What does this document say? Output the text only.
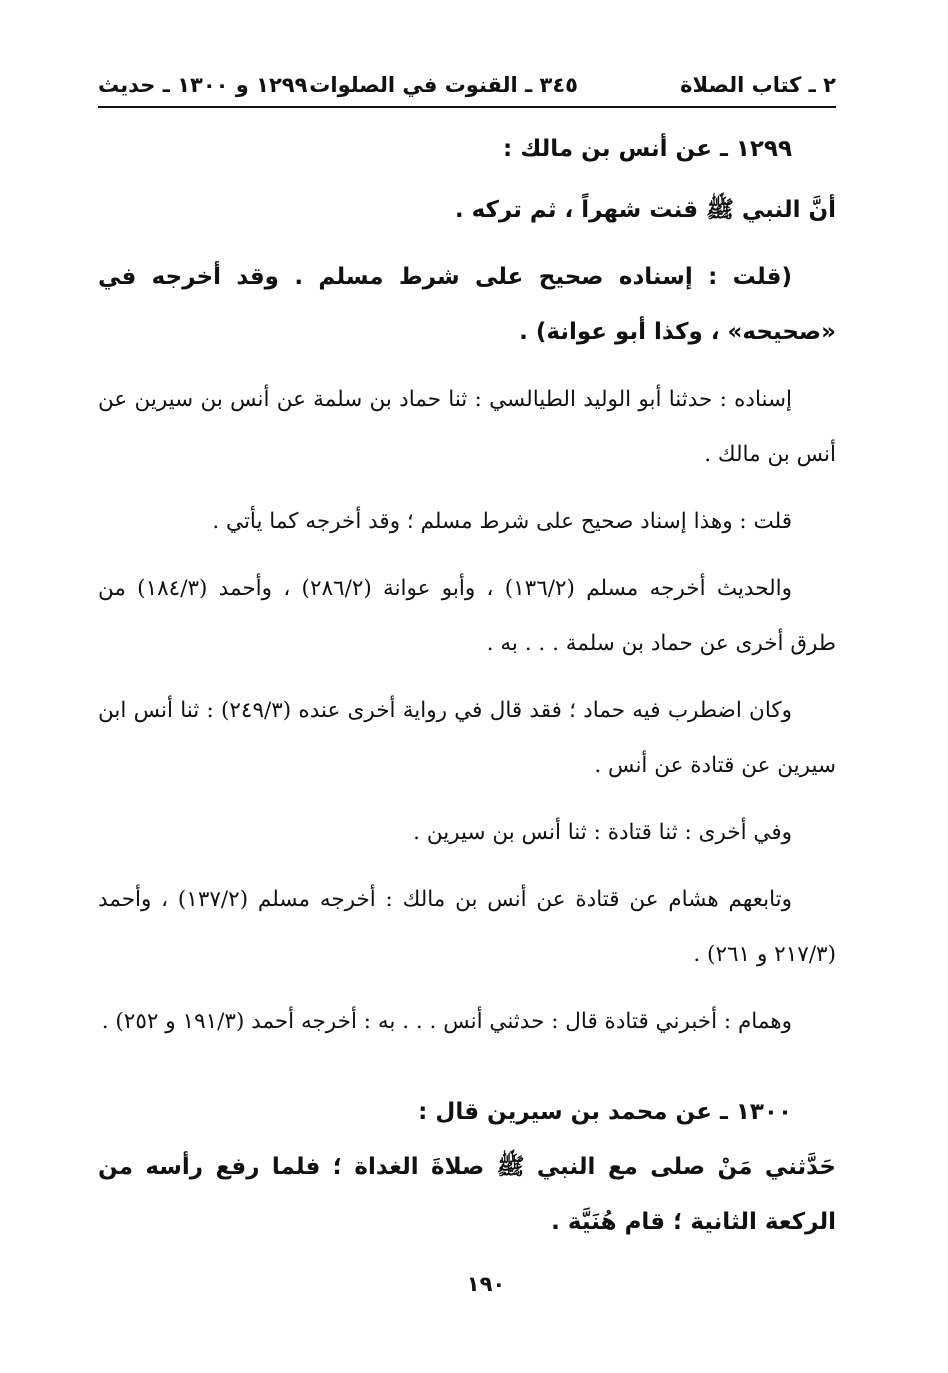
٢ ـ كتاب الصلاة
٣٤٥ ـ القنوت في الصلوات
١٢٩٩ و ١٣٠٠ ـ حديث

١٢٩٩ ـ عن أنس بن مالك :

أنَّ النبي ﷺ قنت شهراً ، ثم تركه .

(قلت : إسناده صحيح على شرط مسلم . وقد أخرجه في «صحيحه» ، وكذا أبو عوانة) .

إسناده : حدثنا أبو الوليد الطيالسي : ثنا حماد بن سلمة عن أنس بن سيرين عن أنس بن مالك .

قلت : وهذا إسناد صحيح على شرط مسلم ؛ وقد أخرجه كما يأتي .

والحديث أخرجه مسلم (١٣٦/٢) ، وأبو عوانة (٢٨٦/٢) ، وأحمد (١٨٤/٣) من طرق أخرى عن حماد بن سلمة . . . به .

وكان اضطرب فيه حماد ؛ فقد قال في رواية أخرى عنده (٢٤٩/٣) : ثنا أنس ابن سيرين عن قتادة عن أنس .

وفي أخرى : ثنا قتادة : ثنا أنس بن سيرين .

وتابعهم هشام عن قتادة عن أنس بن مالك : أخرجه مسلم (١٣٧/٢) ، وأحمد (٢١٧/٣ و ٢٦١) .

وهمام : أخبرني قتادة قال : حدثني أنس . . . به : أخرجه أحمد (١٩١/٣ و ٢٥٢) .

١٣٠٠ ـ عن محمد بن سيرين قال :

حَدَّثني مَنْ صلى مع النبي ﷺ صلاةَ الغداة ؛ فلما رفع رأسه من الركعة الثانية ؛ قام هُنَيَّة .

١٩٠
